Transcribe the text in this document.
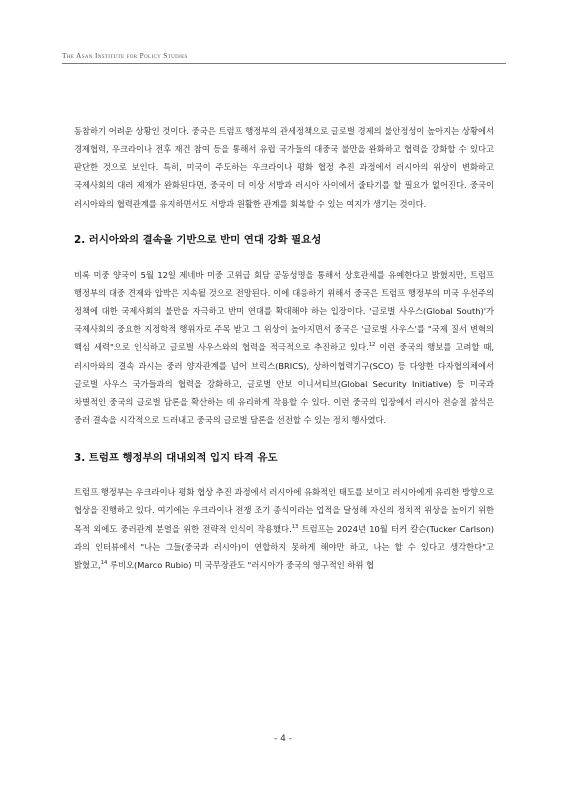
The Asan Institute for Policy Studies

동참하기 어려운 상황인 것이다. 중국은 트럼프 행정부의 관세정책으로 글로벌 경제의 불안정성이 높아지는 상황에서 경제협력, 우크라이나 전후 재건 참여 등을 통해서 유럽 국가들의 대중국 불만을 완화하고 협력을 강화할 수 있다고 판단한 것으로 보인다. 특히, 미국이 주도하는 우크라이나 평화 협정 추진 과정에서 러시아의 위상이 변화하고 국제사회의 대러 제재가 완화된다면, 중국이 더 이상 서방과 러시아 사이에서 줄타기를 할 필요가 없어진다. 중국이 러시아와의 협력관계를 유지하면서도 서방과 원활한 관계를 회복할 수 있는 여지가 생기는 것이다.

2. 러시아와의 결속을 기반으로 반미 연대 강화 필요성

비록 미중 양국이 5월 12일 제네바 미중 고위급 회담 공동성명을 통해서 상호관세를 유예한다고 밝혔지만, 트럼프 행정부의 대중 견제와 압박은 지속될 것으로 전망된다. 이에 대응하기 위해서 중국은 트럼프 행정부의 미국 우선주의 정책에 대한 국제사회의 불만을 자극하고 반미 연대를 확대해야 하는 입장이다. '글로벌 사우스(Global South)'가 국제사회의 중요한 지정학적 행위자로 주목 받고 그 위상이 높아지면서 중국은 '글로벌 사우스'를 "국제 질서 변혁의 핵심 세력"으로 인식하고 글로벌 사우스와의 협력을 적극적으로 추진하고 있다.$^{12}$ 이런 중국의 행보를 고려할 때, 러시아와의 결속 과시는 중러 양자관계를 넘어 브릭스(BRICS), 상하이협력기구(SCO) 등 다양한 다자협의체에서 글로벌 사우스 국가들과의 협력을 강화하고, 글로벌 안보 이니셔티브(Global Security Initiative) 등 미국과 차별적인 중국의 글로벌 담론을 확산하는 데 유리하게 작용할 수 있다. 이런 중국의 입장에서 러시아 전승절 참석은 중러 결속을 시각적으로 드러내고 중국의 글로벌 담론을 선전할 수 있는 정치 행사였다.

3. 트럼프 행정부의 대내외적 입지 타격 유도

트럼프 행정부는 우크라이나 평화 협상 추진 과정에서 러시아에 유화적인 태도를 보이고 러시아에게 유리한 방향으로 협상을 진행하고 있다. 여기에는 우크라이나 전쟁 조기 종식이라는 업적을 달성해 자신의 정치적 위상을 높이기 위한 목적 외에도 중러관계 분열을 위한 전략적 인식이 작용했다.$^{13}$ 트럼프는 2024년 10월 터커 칼슨(Tucker Carlson)과의 인터뷰에서 "나는 그들(중국과 러시아)이 연합하지 못하게 해야만 하고, 나는 할 수 있다고 생각한다"고 밝혔고,$^{14}$ 루비오(Marco Rubio) 미 국무장관도 "러시아가 중국의 영구적인 하위 협

- 4 -
